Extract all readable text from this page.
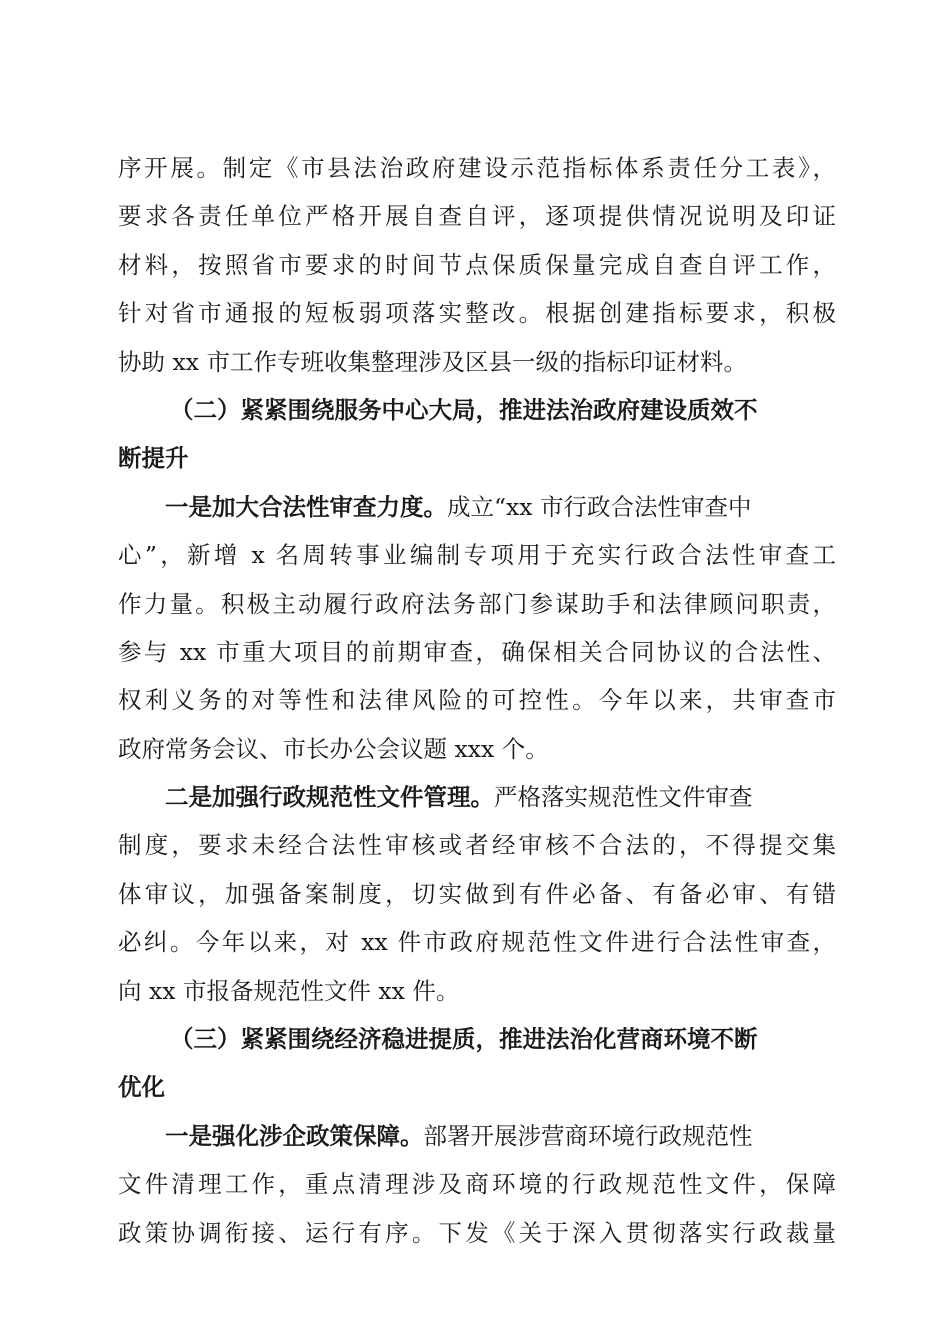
序开展。制定《市县法治政府建设示范指标体系责任分工表》，
要求各责任单位严格开展自查自评，逐项提供情况说明及印证
材料，按照省市要求的时间节点保质保量完成自查自评工作，
针对省市通报的短板弱项落实整改。根据创建指标要求，积极
协助 xx 市工作专班收集整理涉及区县一级的指标印证材料。
（二）紧紧围绕服务中心大局，推进法治政府建设质效不
断提升
一是加大合法性审查力度。成立“xx 市行政合法性审查中
心”，新增 x 名周转事业编制专项用于充实行政合法性审查工
作力量。积极主动履行政府法务部门参谋助手和法律顾问职责，
参与 xx 市重大项目的前期审查，确保相关合同协议的合法性、
权利义务的对等性和法律风险的可控性。今年以来，共审查市
政府常务会议、市长办公会议题 xxx 个。
二是加强行政规范性文件管理。严格落实规范性文件审查
制度，要求未经合法性审核或者经审核不合法的，不得提交集
体审议，加强备案制度，切实做到有件必备、有备必审、有错
必纠。今年以来，对 xx 件市政府规范性文件进行合法性审查，
向 xx 市报备规范性文件 xx 件。
（三）紧紧围绕经济稳进提质，推进法治化营商环境不断
优化
一是强化涉企政策保障。部署开展涉营商环境行政规范性
文件清理工作，重点清理涉及商环境的行政规范性文件，保障
政策协调衔接、运行有序。下发《关于深入贯彻落实行政裁量
